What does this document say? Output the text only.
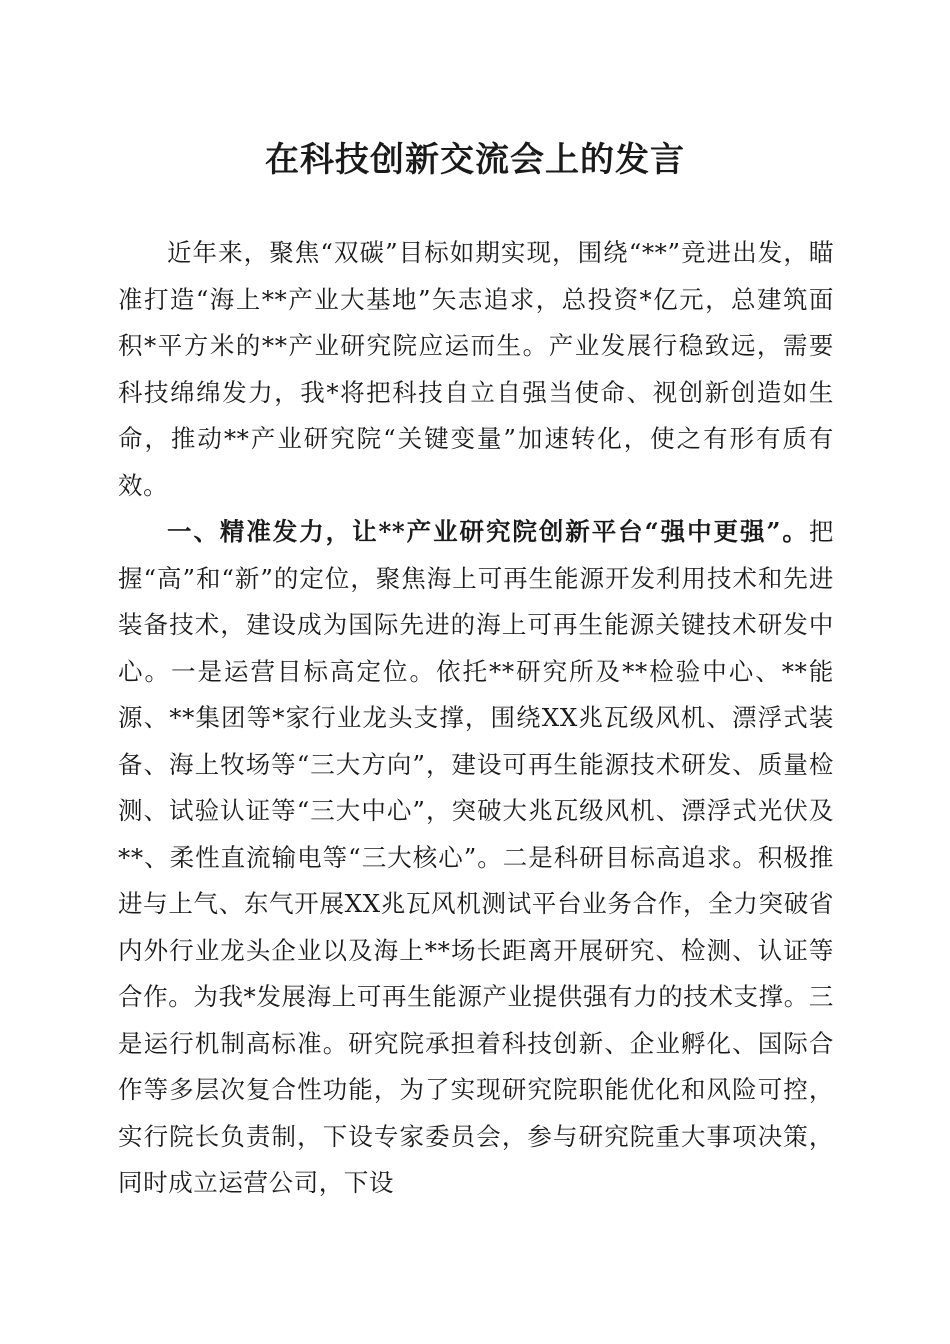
在科技创新交流会上的发言

近年来，聚焦“双碳”目标如期实现，围绕“**”竞进出发，瞄准打造“海上**产业大基地”矢志追求，总投资*亿元，总建筑面积*平方米的**产业研究院应运而生。产业发展行稳致远，需要科技绵绵发力，我*将把科技自立自强当使命、视创新创造如生命，推动**产业研究院“关键变量”加速转化，使之有形有质有效。

一、精准发力，让**产业研究院创新平台“强中更强”。把握“高”和“新”的定位，聚焦海上可再生能源开发利用技术和先进装备技术，建设成为国际先进的海上可再生能源关键技术研发中心。一是运营目标高定位。依托**研究所及**检验中心、**能源、**集团等*家行业龙头支撑，围绕XX兆瓦级风机、漂浮式装备、海上牧场等“三大方向”，建设可再生能源技术研发、质量检测、试验认证等“三大中心”，突破大兆瓦级风机、漂浮式光伏及**、柔性直流输电等“三大核心”。二是科研目标高追求。积极推进与上气、东气开展XX兆瓦风机测试平台业务合作，全力突破省内外行业龙头企业以及海上**场长距离开展研究、检测、认证等合作。为我*发展海上可再生能源产业提供强有力的技术支撑。三是运行机制高标准。研究院承担着科技创新、企业孵化、国际合作等多层次复合性功能，为了实现研究院职能优化和风险可控，实行院长负责制，下设专家委员会，参与研究院重大事项决策，同时成立运营公司，下设
